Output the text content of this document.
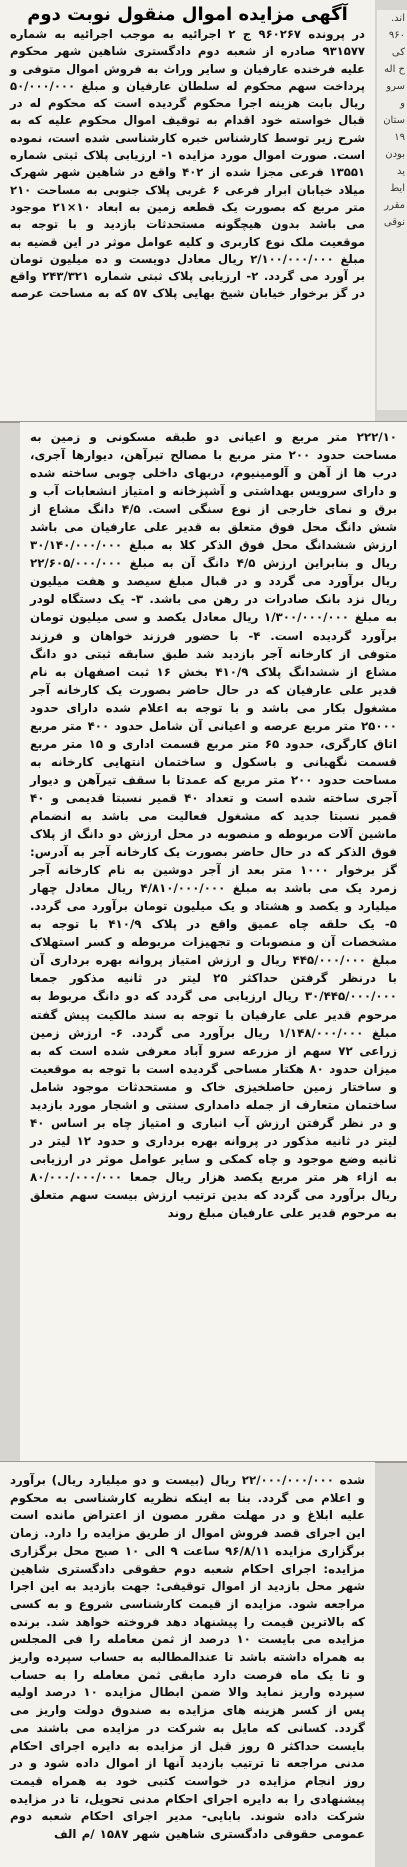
اند.
۹۶۰
کی
ح اله
سرو
و
ستان
۱۹
بودن
ید
ایط
مقرر
نوقی
در پرونده ۹۶۰۲۶۷ ج ۲ اجرائیه به موجب اجرائیه به شماره ۹۳۱۵۷۷ صادره از شعبه دوم دادگستری شاهین شهر محکوم علیه فرخنده عارفیان و سایر وراث به فروش اموال متوفی و پرداخت سهم محکوم له سلطان عارفیان و مبلغ ۵۰/۰۰۰/۰۰۰ ریال بابت هزینه اجرا محکوم گردیده است که محکوم له در قبال خواسته خود اقدام به توقیف اموال محکوم علیه که به شرح زیر توسط کارشناس خبره کارشناسی شده است، نموده است. صورت اموال مورد مزایده ۱- ارزیابی پلاک ثبتی شماره ۱۳۵۵۱ فرعی مجزا شده از ۴۰۲ واقع در شاهین شهر شهرک میلاد خیابان ابرار فرعی ۶ غربی پلاک جنوبی به مساحت ۲۱۰ متر مربع که بصورت یک قطعه زمین به ابعاد ۱۰×۲۱ موجود می باشد بدون هیچگونه مستحدثات بازدید و با توجه به موقعیت ملک نوع کاربری و کلیه عوامل موثر در این قضیه به مبلغ ۲/۱۰۰/۰۰۰/۰۰۰ ریال معادل دویست و ده میلیون تومان بر آورد می گردد. ۲- ارزیابی پلاک ثبتی شماره ۲۴۳/۳۲۱ واقع در گز برخوار خیابان شیخ بهایی پلاک ۵۷ که به مساحت عرصه
آگهی مزایده اموال منقول نوبت دوم
۲۲۲/۱۰ متر مربع و اعیانی دو طبقه مسکونی و زمین به مساحت حدود ۲۰۰ متر مربع با مصالح تیرآهن، دیوارها آجری، درب ها از آهن و آلومینیوم، دربهای داخلی چوبی ساخته شده و دارای سرویس بهداشتی و آشپزخانه و امتیاز انشعابات آب و برق و نمای خارجی از نوع سنگی است. ۴/۵ دانگ مشاع از شش دانگ محل فوق متعلق به قدیر علی عارفیان می باشد ارزش ششدانگ محل فوق الذکر کلا به مبلغ ۳۰/۱۴۰/۰۰۰/۰۰۰ ریال و بنابراین ارزش ۴/۵ دانگ آن به مبلغ ۲۲/۶۰۵/۰۰۰/۰۰۰ ریال برآورد می گردد و در قبال مبلغ سیصد و هفت میلیون ریال نزد بانک صادرات در رهن می باشد. ۳- یک دستگاه لودر به مبلغ ۱/۳۰۰/۰۰۰/۰۰۰ ریال معادل یکصد و سی میلیون تومان برآورد گردیده است. ۴- با حضور فرزند خواهان و فرزند متوفی از کارخانه آجر بازدید شد طبق سابقه ثبتی دو دانگ مشاع از ششدانگ پلاک ۴۱۰/۹ بخش ۱۶ ثبت اصفهان به نام قدیر علی عارفیان که در حال حاضر بصورت یک کارخانه آجر مشغول بکار می باشد و با توجه به اعلام شده دارای حدود ۲۵۰۰۰ متر مربع عرصه و اعیانی آن شامل حدود ۴۰۰ متر مربع اتاق کارگری، حدود ۶۵ متر مربع قسمت اداری و ۱۵ متر مربع قسمت نگهبانی و باسکول و ساختمان انتهایی کارخانه به مساحت حدود ۲۰۰ متر مربع که عمدتا با سقف تیرآهن و دیوار آجری ساخته شده است و تعداد ۴۰ قمیر نسبتا قدیمی و ۴۰ قمیر نسبتا جدید که مشغول فعالیت می باشد به انضمام ماشین آلات مربوطه و منصوبه در محل ارزش دو دانگ از پلاک فوق الذکر که در حال حاضر بصورت یک کارخانه آجر به آدرس: گز برخوار ۱۰۰۰ متر بعد از آجر دوشین به نام کارخانه آجر زمرد یک می باشد به مبلغ ۴/۸۱۰/۰۰۰/۰۰۰ ریال معادل چهار میلیارد و یکصد و هشتاد و یک میلیون تومان برآورد می گردد. ۵- یک حلقه چاه عمیق واقع در پلاک ۴۱۰/۹ با توجه به مشخصات آن و منصوبات و تجهیزات مربوطه و کسر استهلاک مبلغ ۴۴۵/۰۰۰/۰۰۰ ریال و ارزش امتیاز پروانه بهره برداری آن با درنظر گرفتن حداکثر ۲۵ لیتر در ثانیه مذکور جمعا ۳۰/۴۴۵/۰۰۰/۰۰۰ ریال ارزیابی می گردد که دو دانگ مربوط به مرحوم قدیر علی عارفیان با توجه به سند مالکیت پیش گفته مبلغ ۱/۱۴۸/۰۰۰/۰۰۰ ریال برآورد می گردد. ۶- ارزش زمین زراعی ۷۲ سهم از مزرعه سرو آباد معرفی شده است که به میزان حدود ۸۰ هکتار مساحی گردیده است با توجه به موقعیت و ساختار زمین حاصلخیزی خاک و مستحدثات موجود شامل ساختمان متعارف از جمله دامداری سنتی و اشجار مورد بازدید و در نظر گرفتن ارزش آب انباری و امتیاز چاه بر اساس ۴۰ لیتر در ثانیه مذکور در پروانه بهره برداری و حدود ۱۲ لیتر در ثانیه وضع موجود و چاه کمکی و سایر عوامل موثر در ارزیابی به ازاء هر متر مربع یکصد هزار ریال جمعا ۸۰/۰۰۰/۰۰۰/۰۰۰ ریال برآورد می گردد که بدین ترتیب ارزش بیست سهم متعلق به مرحوم قدیر علی عارفیان مبلغ روند
شده ۲۲/۰۰۰/۰۰۰/۰۰۰ ریال (بیست و دو میلیارد ریال) برآورد و اعلام می گردد. بنا به اینکه نظریه کارشناسی به محکوم علیه ابلاغ و در مهلت مقرر مصون از اعتراض مانده است این اجرای قصد فروش اموال از طریق مزایده را دارد. زمان برگزاری مزایده ۹۶/۸/۱۱ ساعت ۹ الی ۱۰ صبح محل برگزاری مزایده: اجرای احکام شعبه دوم حقوقی دادگستری شاهین شهر محل بازدید از اموال توقیفی: جهت بازدید به این اجرا مراجعه شود. مزایده از قیمت کارشناسی شروع و به کسی که بالاترین قیمت را پیشنهاد دهد فروخته خواهد شد. برنده مزایده می بایست ۱۰ درصد از ثمن معامله را فی المجلس به همراه داشته باشد تا عندالمطالبه به حساب سپرده واریز و تا یک ماه فرصت دارد مابقی ثمن معامله را به حساب سپرده واریز نماید والا ضمن ابطال مزایده ۱۰ درصد اولیه پس از کسر هزینه های مزایده به صندوق دولت واریز می گردد. کسانی که مایل به شرکت در مزایده می باشند می بایست حداکثر ۵ روز قبل از مزایده به دایره اجرای احکام مدنی مراجعه تا ترتیب بازدید آنها از اموال داده شود و در روز انجام مزایده در خواست کتبی خود به همراه قیمت پیشنهادی را به دایره اجرای احکام مدنی تحویل، تا در مزایده شرکت داده شوند. بابایی- مدیر اجرای احکام شعبه دوم عمومی حقوقی دادگستری شاهین شهر ۱۵۸۷ /م الف
